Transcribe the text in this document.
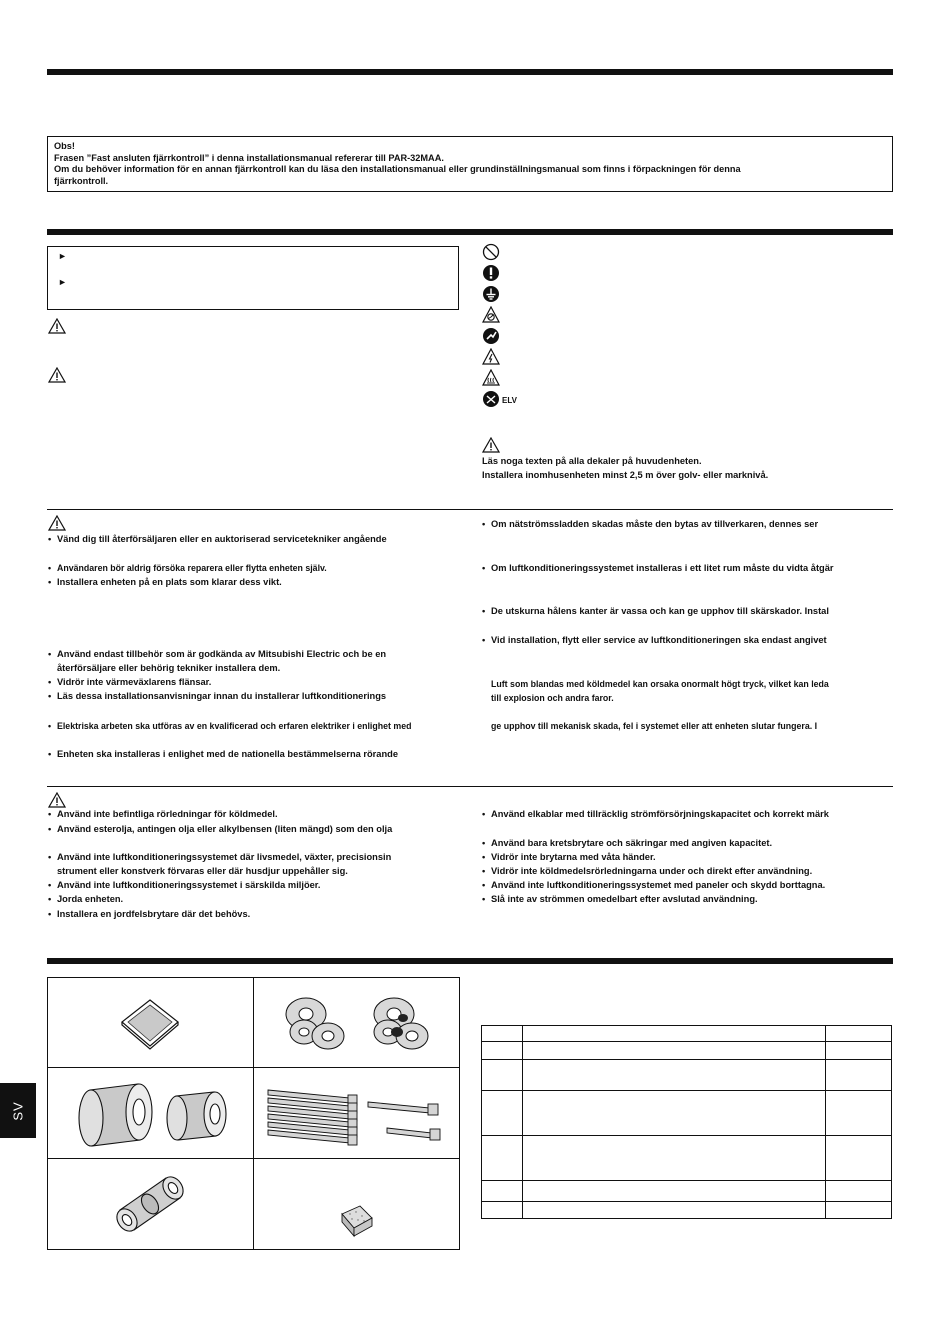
Obs!
Frasen ”Fast ansluten fjärrkontroll” i denna installationsmanual refererar till PAR-32MAA.
Om du behöver information för en annan fjärrkontroll kan du läsa den installationsmanual eller grundinställningsmanual som finns i förpackningen för denna
fjärrkontroll.
►
►
ELV
Läs noga texten på alla dekaler på huvudenheten.
Installera inomhusenheten minst 2,5 m över golv- eller marknivå.
• Vänd dig till återförsäljaren eller en auktoriserad servicetekniker angående
• Användaren bör aldrig försöka reparera eller flytta enheten själv.
• Installera enheten på en plats som klarar dess vikt.
• Använd endast tillbehör som är godkända av Mitsubishi Electric och be en
återförsäljare eller behörig tekniker installera dem.
• Vidrör inte värmeväxlarens flänsar.
• Läs dessa installationsanvisningar innan du installerar luftkonditionerings
• Elektriska arbeten ska utföras av en kvalificerad och erfaren elektriker i enlighet med
• Enheten ska installeras i enlighet med de nationella bestämmelserna rörande
• Om nätströmssladden skadas måste den bytas av tillverkaren, dennes ser
• Om luftkonditioneringssystemet installeras i ett litet rum måste du vidta åtgär
• De utskurna hålens kanter är vassa och kan ge upphov till skärskador. Instal
• Vid installation, flytt eller service av luftkonditioneringen ska endast angivet
Luft som blandas med köldmedel kan orsaka onormalt högt tryck, vilket kan leda
till explosion och andra faror.
ge upphov till mekanisk skada, fel i systemet eller att enheten slutar fungera. I
• Använd inte befintliga rörledningar för köldmedel.
• Använd esterolja, antingen olja eller alkylbensen (liten mängd) som den olja
• Använd inte luftkonditioneringssystemet där livsmedel, växter, precisionsin
strument eller konstverk förvaras eller där husdjur uppehåller sig.
• Använd inte luftkonditioneringssystemet i särskilda miljöer.
• Jorda enheten.
• Installera en jordfelsbrytare där det behövs.
• Använd elkablar med tillräcklig strömförsörjningskapacitet och korrekt märk
• Använd bara kretsbrytare och säkringar med angiven kapacitet.
• Vidrör inte brytarna med våta händer.
• Vidrör inte köldmedelsrörledningarna under och direkt efter användning.
• Använd inte luftkonditioneringssystemet med paneler och skydd borttagna.
• Slå inte av strömmen omedelbart efter avslutad användning.

SV
